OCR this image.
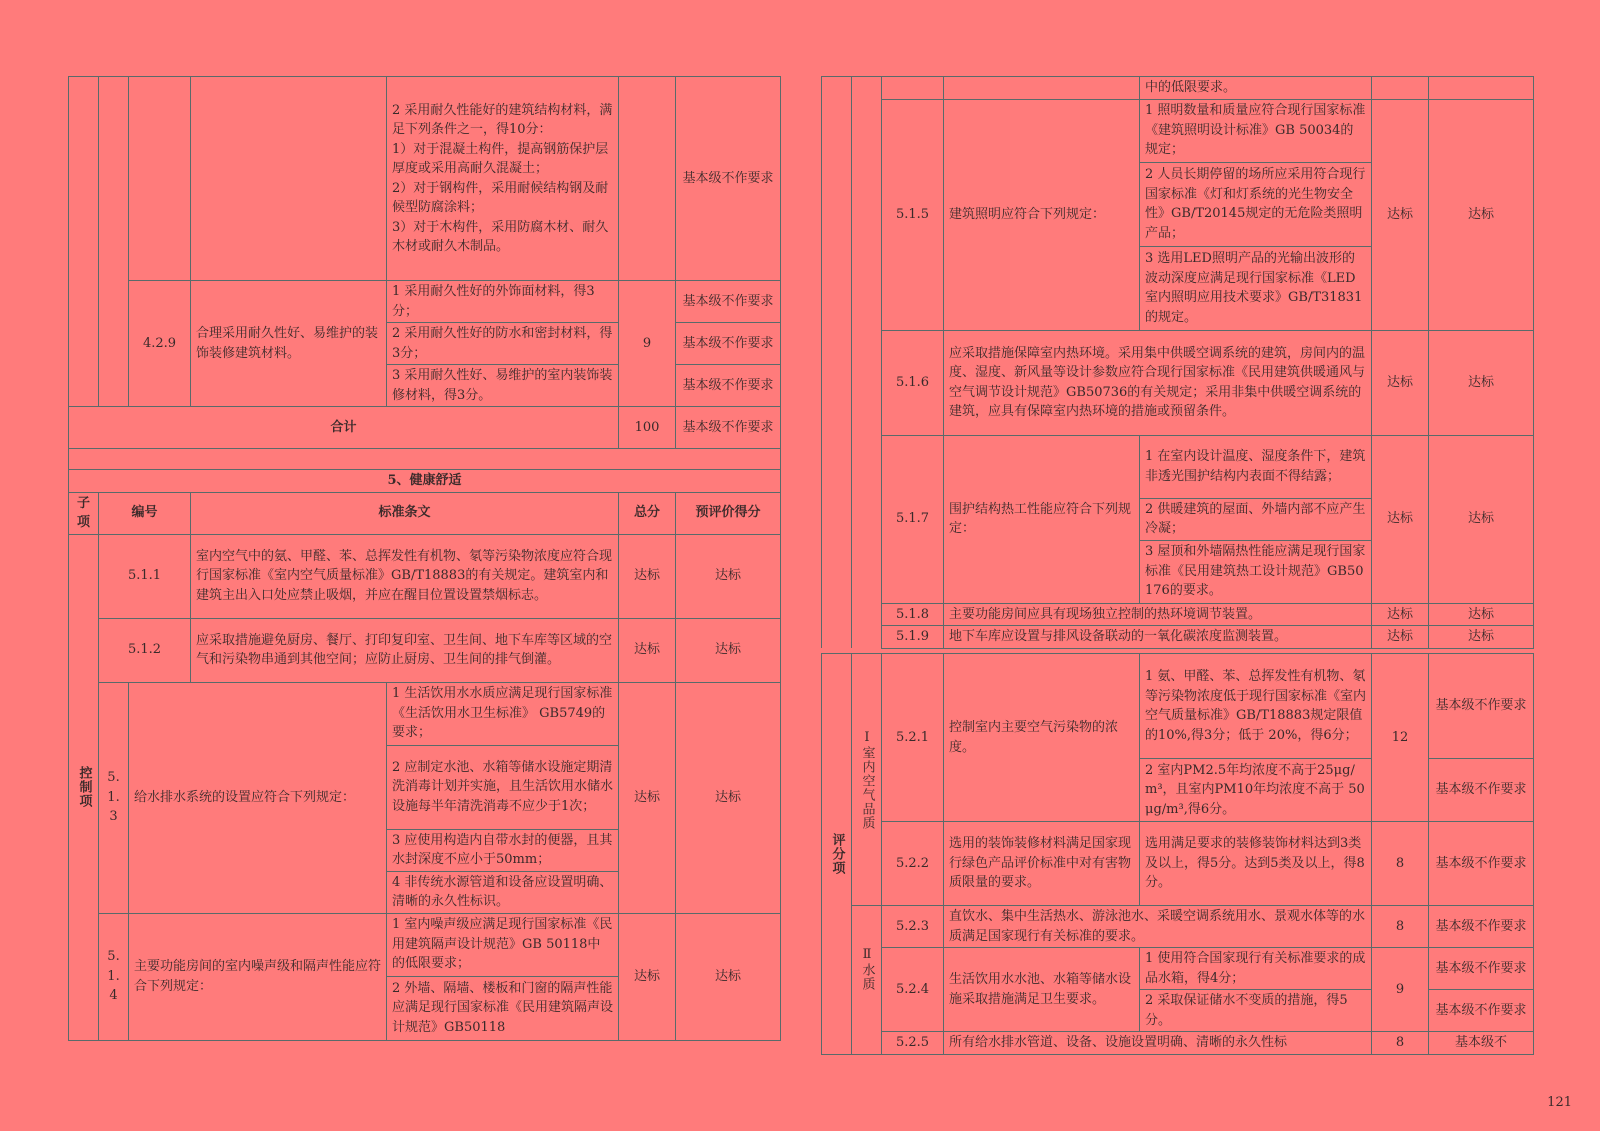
				2 采用耐久性能好的建筑结构材料，满足下列条件之一，得10分：
1）对于混凝土构件，提高钢筋保护层厚度或采用高耐久混凝土；
2）对于钢构件，采用耐候结构钢及耐候型防腐涂料；
3）对于木构件，采用防腐木材、耐久木材或耐久木制品。		基本级不作要求
		4.2.9	合理采用耐久性好、易维护的装饰装修建筑材料。	1 采用耐久性好的外饰面材料，得3分；	9	基本级不作要求
				2 采用耐久性好的防水和密封材料，得3分；		基本级不作要求
				3 采用耐久性好、易维护的室内装饰装修材料，得3分。		基本级不作要求
合计					100	基本级不作要求

5、健康舒适						
子项	编号		标准条文		总分	预评价得分

控制项	5.1.1		室内空气中的氨、甲醛、苯、总挥发性有机物、氡等污染物浓度应符合现行国家标准《室内空气质量标准》GB/T18883的有关规定。建筑室内和建筑主出入口处应禁止吸烟，并应在醒目位置设置禁烟标志。		达标	达标
	5.1.2		应采取措施避免厨房、餐厅、打印复印室、卫生间、地下车库等区域的空气和污染物串通到其他空间；应防止厨房、卫生间的排气倒灌。		达标	达标
	5.1.3	给水排水系统的设置应符合下列规定：		1 生活饮用水水质应满足现行国家标准《生活饮用水卫生标准》 GB5749的要求；	达标	达标
				2 应制定水池、水箱等储水设施定期清洗消毒计划并实施，且生活饮用水储水设施每半年清洗消毒不应少于1次；		
				3 应使用构造内自带水封的便器，且其水封深度不应小于50mm；		
				4 非传统水源管道和设备应设置明确、清晰的永久性标识。		
	5.1.4	主要功能房间的室内噪声级和隔声性能应符合下列规定：		1 室内噪声级应满足现行国家标准《民用建筑隔声设计规范》GB 50118中的低限要求；	达标	达标
				2 外墙、隔墙、楼板和门窗的隔声性能应满足现行国家标准《民用建筑隔声设计规范》GB50118		
				中的低限要求。		
		5.1.5	建筑照明应符合下列规定：	1 照明数量和质量应符合现行国家标准《建筑照明设计标准》GB 50034的规定；	达标	达标
				2 人员长期停留的场所应采用符合现行国家标准《灯和灯系统的光生物安全性》GB/T20145规定的无危险类照明产品；		
				3 选用LED照明产品的光输出波形的波动深度应满足现行国家标准《LED室内照明应用技术要求》GB/T31831的规定。		
		5.1.6	应采取措施保障室内热环境。采用集中供暖空调系统的建筑，房间内的温度、湿度、新风量等设计参数应符合现行国家标准《民用建筑供暖通风与空气调节设计规范》GB50736的有关规定；采用非集中供暖空调系统的建筑，应具有保障室内热环境的措施或预留条件。		达标	达标
		5.1.7	围护结构热工性能应符合下列规定：	1 在室内设计温度、湿度条件下，建筑非透光围护结构内表面不得结露；	达标	达标
				2 供暖建筑的屋面、外墙内部不应产生冷凝；		
				3 屋顶和外墙隔热性能应满足现行国家标准《民用建筑热工设计规范》GB50176的要求。		
		5.1.8	主要功能房间应具有现场独立控制的热环境调节装置。		达标	达标
		5.1.9	地下车库应设置与排风设备联动的一氧化碳浓度监测装置。		达标	达标
评分项	Ⅰ室内空气品质	5.2.1	控制室内主要空气污染物的浓度。	1 氨、甲醛、苯、总挥发性有机物、氡等污染物浓度低于现行国家标准《室内空气质量标准》GB/T18883规定限值的10%,得3分；低于 20%，得6分；	12	基本级不作要求
				2 室内PM2.5年均浓度不高于25μg/m³，且室内PM10年均浓度不高于 50μg/m³,得6分。		基本级不作要求
		5.2.2	选用的装饰装修材料满足国家现行绿色产品评价标准中对有害物质限量的要求。	选用满足要求的装修装饰材料达到3类及以上，得5分。达到5类及以上，得8分。	8	基本级不作要求

	Ⅱ水质	5.2.3	直饮水、集中生活热水、游泳池水、采暖空调系统用水、景观水体等的水质满足国家现行有关标准的要求。		8	基本级不作要求
		5.2.4	生活饮用水水池、水箱等储水设施采取措施满足卫生要求。	1 使用符合国家现行有关标准要求的成品水箱，得4分；	9	基本级不作要求
				2 采取保证储水不变质的措施，得5分。		基本级不作要求
		5.2.5	所有给水排水管道、设备、设施设置明确、清晰的永久性标		8	基本级不
121
